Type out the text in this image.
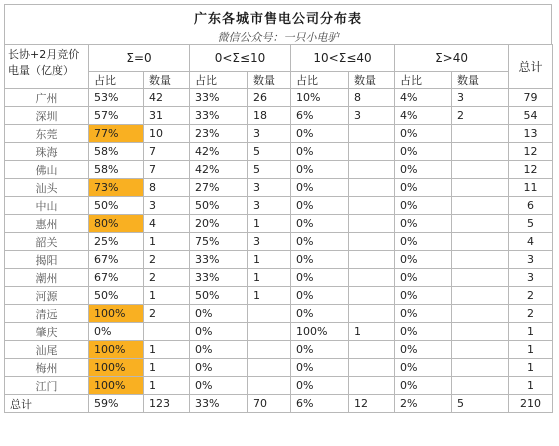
广东各城市售电公司分布表
微信公众号：一只小电驴
长协+2月竞价
电量（亿度）	Σ=0		0<Σ≤10		10<Σ≤40		Σ>40		总计
	占比	数量	占比	数量	占比	数量	占比	数量	
广州	53%	42	33%	26	10%	8	4%	3	79
深圳	57%	31	33%	18	6%	3	4%	2	54
东莞	77%	10	23%	3	0%		0%		13
珠海	58%	7	42%	5	0%		0%		12
佛山	58%	7	42%	5	0%		0%		12
汕头	73%	8	27%	3	0%		0%		11
中山	50%	3	50%	3	0%		0%		6
惠州	80%	4	20%	1	0%		0%		5
韶关	25%	1	75%	3	0%		0%		4
揭阳	67%	2	33%	1	0%		0%		3
潮州	67%	2	33%	1	0%		0%		3
河源	50%	1	50%	1	0%		0%		2
清远	100%	2	0%		0%		0%		2
肇庆	0%		0%		100%	1	0%		1
汕尾	100%	1	0%		0%		0%		1
梅州	100%	1	0%		0%		0%		1
江门	100%	1	0%		0%		0%		1
总计	59%	123	33%	70	6%	12	2%	5	210
